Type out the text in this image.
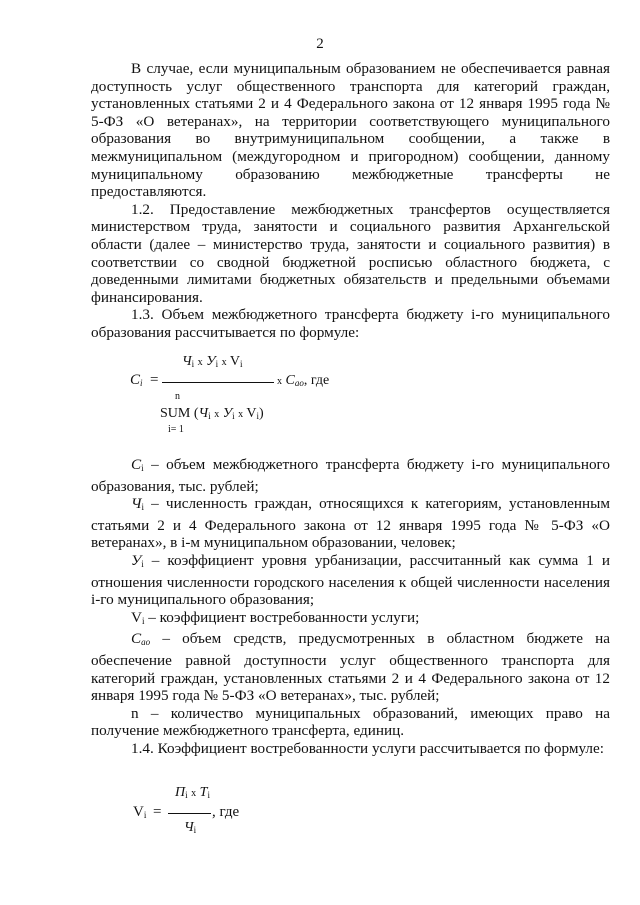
2

В случае, если муниципальным образованием не обеспечивается равная доступность услуг общественного транспорта для категорий граждан, установленных статьями 2 и 4 Федерального закона от 12 января 1995 года № 5-ФЗ «О ветеранах», на территории соответствующего муниципального образования во внутримуниципальном сообщении, а также в межмуниципальном (междугородном и пригородном) сообщении, данному муниципальному образованию межбюджетные трансферты не предоставляются.

1.2. Предоставление межбюджетных трансфертов осуществляется министерством труда, занятости и социального развития Архангельской области (далее – министерство труда, занятости и социального развития) в соответствии со сводной бюджетной росписью областного бюджета, с доведенными лимитами бюджетных обязательств и предельными объемами финансирования.

1.3. Объем межбюджетного трансферта бюджету i-го муниципального образования рассчитывается по формуле:

$C_i$ =
$Ч_i$ x $У_i$ x $V_i$
x $С_{ао}$, где
n
SUM ($Ч_i$ x $У_i$ x $V_i$)
i= 1

$C_i$ – объем межбюджетного трансферта бюджету i-го муниципального образования, тыс. рублей;

$Ч_i$ – численность граждан, относящихся к категориям, установленным статьями 2 и 4 Федерального закона от 12 января 1995 года № 5-ФЗ «О ветеранах», в i-м муниципальном образовании, человек;

$У_i$ – коэффициент уровня урбанизации, рассчитанный как сумма 1 и отношения численности городского населения к общей численности населения i-го муниципального образования;

$V_i$ – коэффициент востребованности услуги;

$С_{ао}$ – объем средств, предусмотренных в областном бюджете на обеспечение равной доступности услуг общественного транспорта для категорий граждан, установленных статьями 2 и 4 Федерального закона от 12 января 1995 года № 5-ФЗ «О ветеранах», тыс. рублей;

n – количество муниципальных образований, имеющих право на получение межбюджетного трансферта, единиц.

1.4. Коэффициент востребованности услуги рассчитывается по формуле:

$V_i$ =
$П_i$ x $Т_i$
, где
$Ч_i$
